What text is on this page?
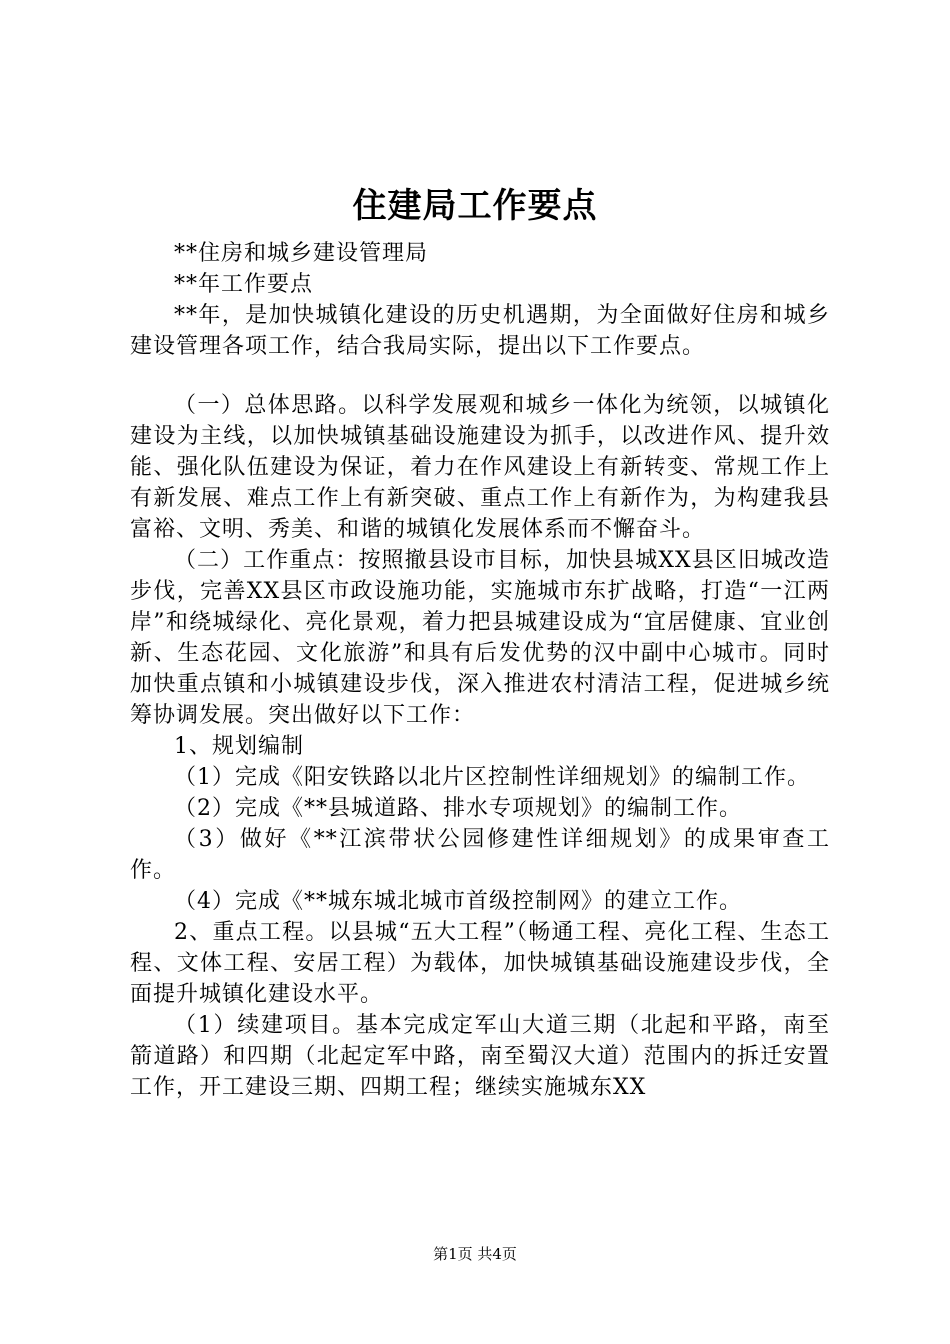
住建局工作要点

**住房和城乡建设管理局

**年工作要点

**年，是加快城镇化建设的历史机遇期，为全面做好住房和城乡建设管理各项工作，结合我局实际，提出以下工作要点。

（一）总体思路。以科学发展观和城乡一体化为统领，以城镇化建设为主线，以加快城镇基础设施建设为抓手，以改进作风、提升效能、强化队伍建设为保证，着力在作风建设上有新转变、常规工作上有新发展、难点工作上有新突破、重点工作上有新作为，为构建我县富裕、文明、秀美、和谐的城镇化发展体系而不懈奋斗。

（二）工作重点：按照撤县设市目标，加快县城XX县区旧城改造步伐，完善XX县区市政设施功能，实施城市东扩战略，打造“一江两岸”和绕城绿化、亮化景观，着力把县城建设成为“宜居健康、宜业创新、生态花园、文化旅游”和具有后发优势的汉中副中心城市。同时加快重点镇和小城镇建设步伐，深入推进农村清洁工程，促进城乡统筹协调发展。突出做好以下工作：

1、规划编制

（1）完成《阳安铁路以北片区控制性详细规划》的编制工作。

（2）完成《**县城道路、排水专项规划》的编制工作。

（3）做好《**江滨带状公园修建性详细规划》的成果审查工作。

（4）完成《**城东城北城市首级控制网》的建立工作。

2、重点工程。以县城“五大工程”（畅通工程、亮化工程、生态工程、文体工程、安居工程）为载体，加快城镇基础设施建设步伐，全面提升城镇化建设水平。

（1）续建项目。基本完成定军山大道三期（北起和平路，南至箭道路）和四期（北起定军中路，南至蜀汉大道）范围内的拆迁安置工作，开工建设三期、四期工程；继续实施城东XX

第1页 共4页
